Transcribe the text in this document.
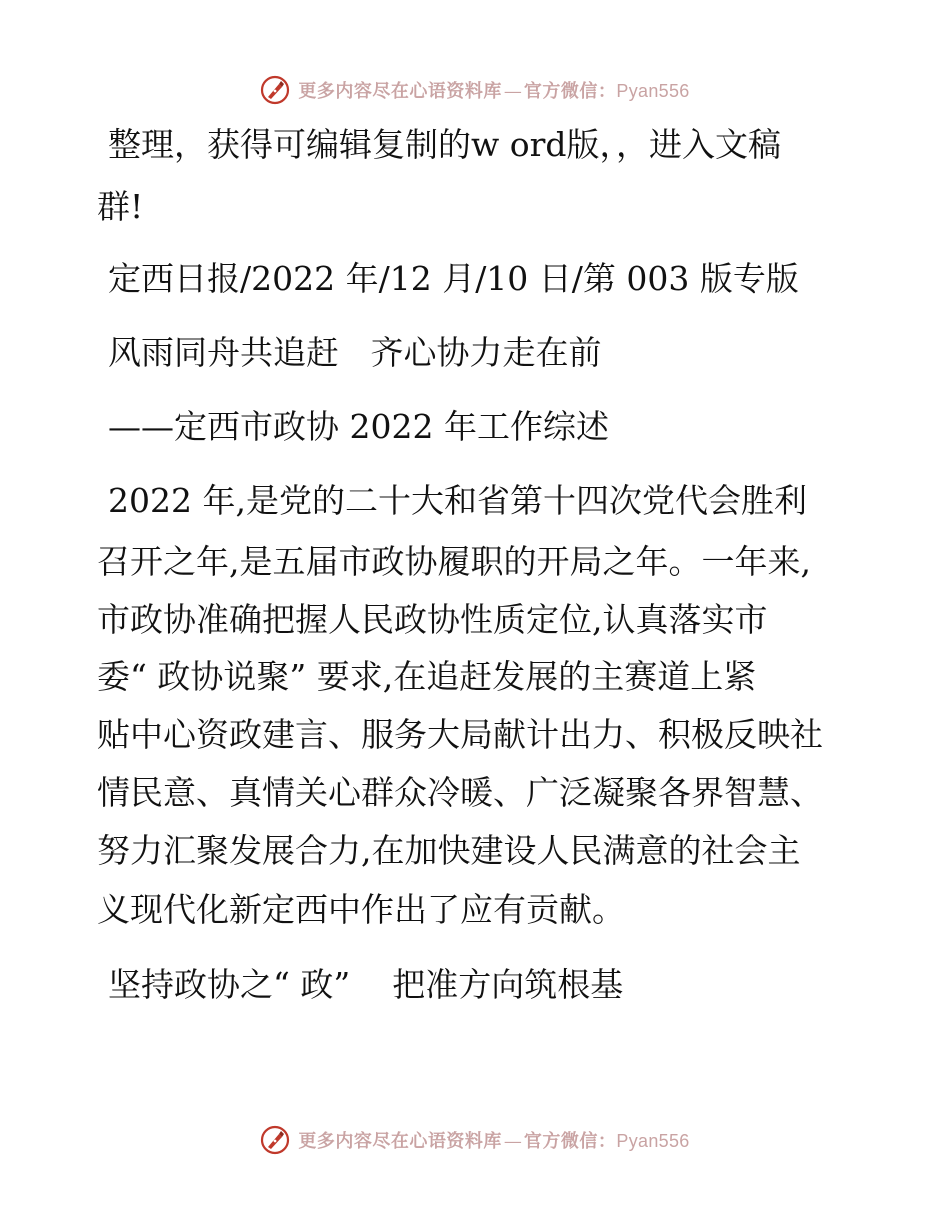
更多内容尽在心语资料库 — 官方微信： Pyan556
整理，获得可编辑复制的w ord版，，进入文稿
群!
定西日报/2022 年/12 月/10 日/第 003 版专版
风雨同舟共追赶   齐心协力走在前
——定西市政协 2022 年工作综述
2022 年,是党的二十大和省第十四次党代会胜利
召开之年,是五届市政协履职的开局之年。一年来,
市政协准确把握人民政协性质定位,认真落实市
委“ 政协说聚” 要求,在追赶发展的主赛道上紧
贴中心资政建言、服务大局献计出力、积极反映社
情民意、真情关心群众冷暖、广泛凝聚各界智慧、
努力汇聚发展合力,在加快建设人民满意的社会主
义现代化新定西中作出了应有贡献。
坚持政协之“ 政”    把准方向筑根基
更多内容尽在心语资料库 — 官方微信： Pyan556
